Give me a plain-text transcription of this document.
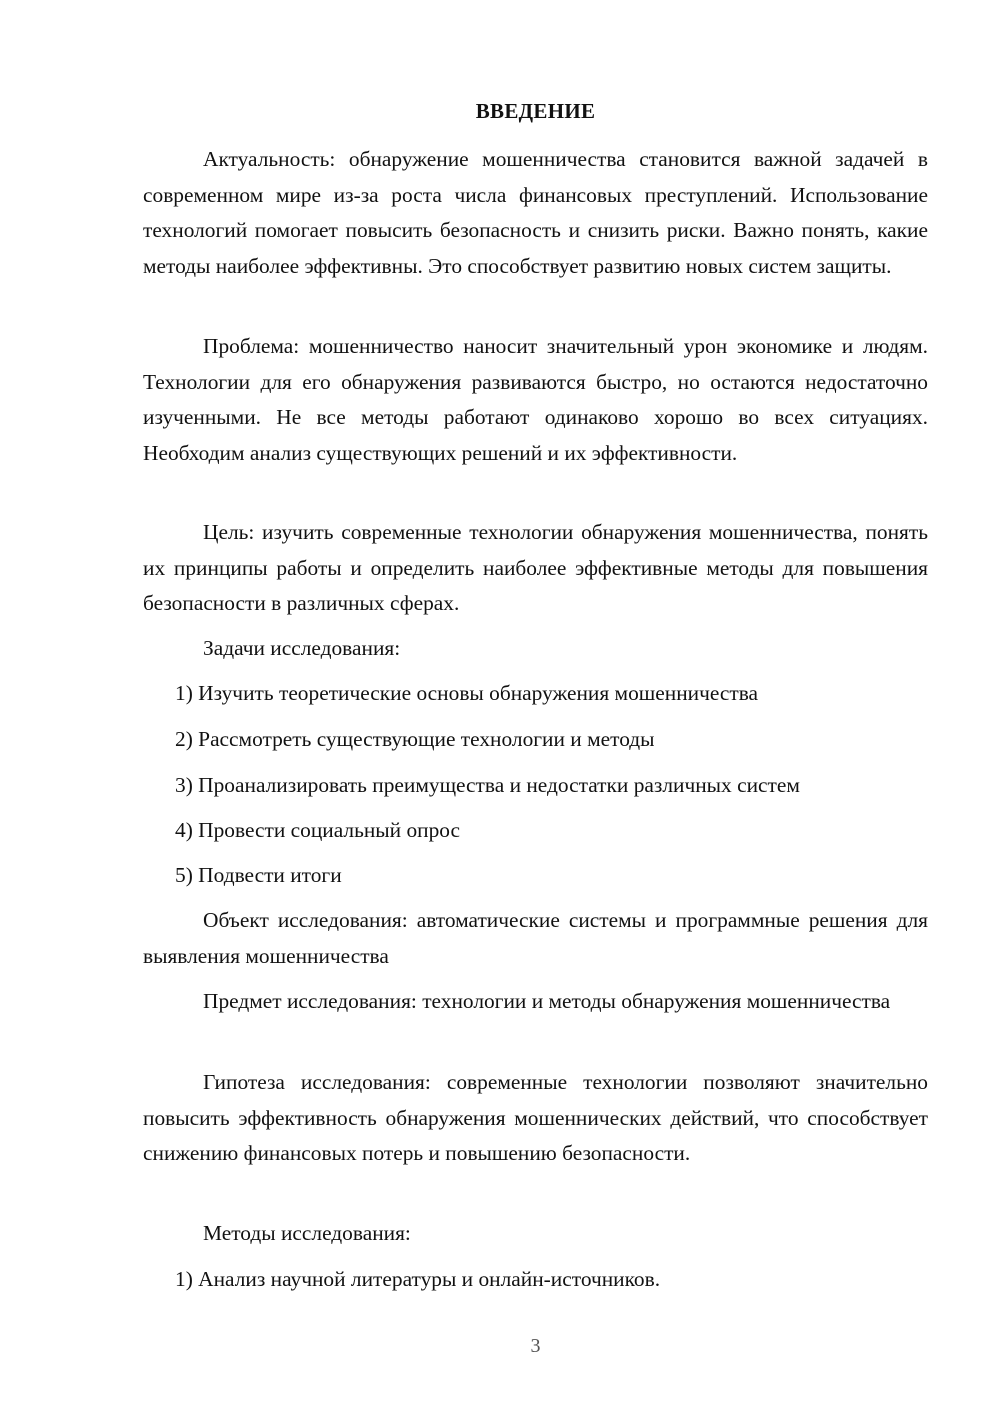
ВВЕДЕНИЕ

Актуальность: обнаружение мошенничества становится важной задачей в современном мире из-за роста числа финансовых преступлений. Использование технологий помогает повысить безопасность и снизить риски. Важно понять, какие методы наиболее эффективны. Это способствует развитию новых систем защиты.

Проблема: мошенничество наносит значительный урон экономике и людям. Технологии для его обнаружения развиваются быстро, но остаются недостаточно изученными. Не все методы работают одинаково хорошо во всех ситуациях. Необходим анализ существующих решений и их эффективности.

Цель: изучить современные технологии обнаружения мошенничества, понять их принципы работы и определить наиболее эффективные методы для повышения безопасности в различных сферах.

Задачи исследования:
1) Изучить теоретические основы обнаружения мошенничества
2) Рассмотреть существующие технологии и методы
3) Проанализировать преимущества и недостатки различных систем
4) Провести социальный опрос
5) Подвести итоги

Объект исследования: автоматические системы и программные решения для выявления мошенничества

Предмет исследования: технологии и методы обнаружения мошенничества

Гипотеза исследования: современные технологии позволяют значительно повысить эффективность обнаружения мошеннических действий, что способствует снижению финансовых потерь и повышению безопасности.

Методы исследования:
1) Анализ научной литературы и онлайн-источников.
3
